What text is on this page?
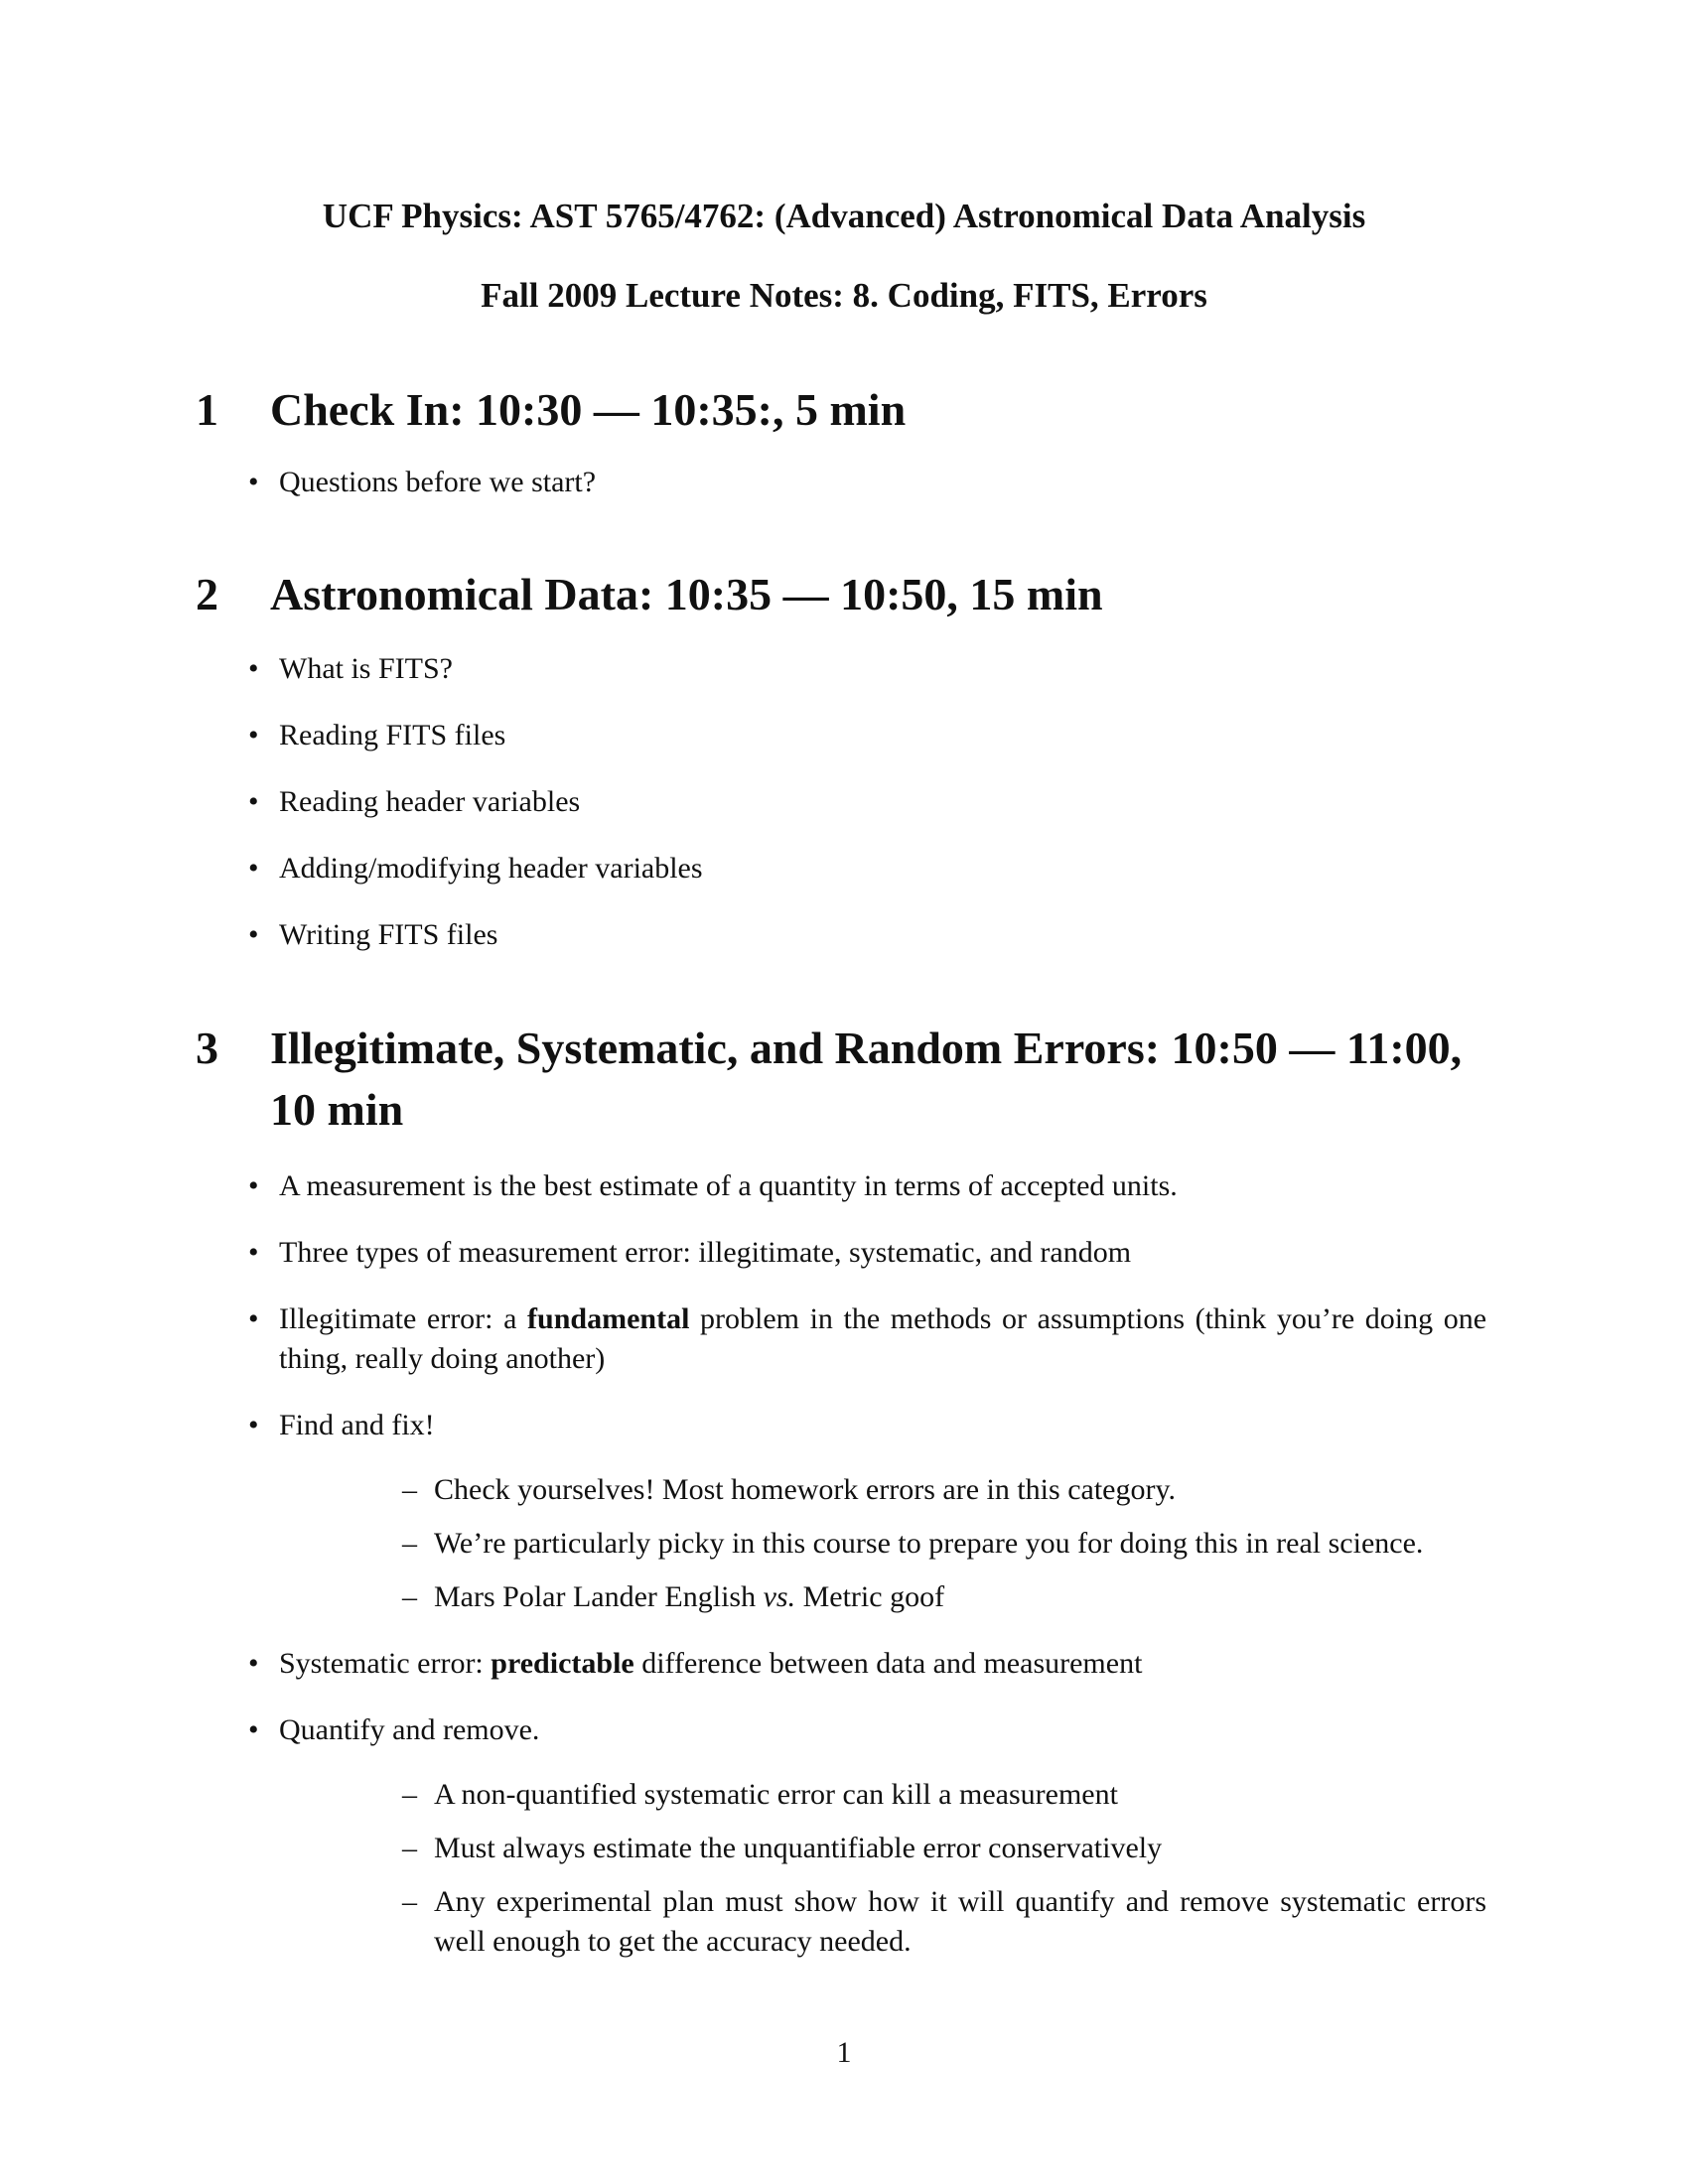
UCF Physics: AST 5765/4762: (Advanced) Astronomical Data Analysis
Fall 2009 Lecture Notes: 8. Coding, FITS, Errors
1 Check In: 10:30 — 10:35:, 5 min
• Questions before we start?
2 Astronomical Data: 10:35 — 10:50, 15 min
• What is FITS?
• Reading FITS files
• Reading header variables
• Adding/modifying header variables
• Writing FITS files
3 Illegitimate, Systematic, and Random Errors: 10:50 — 11:00, 10 min
• A measurement is the best estimate of a quantity in terms of accepted units.
• Three types of measurement error: illegitimate, systematic, and random
• Illegitimate error: a fundamental problem in the methods or assumptions (think you’re doing one thing, really doing another)
• Find and fix!
– Check yourselves! Most homework errors are in this category.
– We’re particularly picky in this course to prepare you for doing this in real science.
– Mars Polar Lander English vs. Metric goof
• Systematic error: predictable difference between data and measurement
• Quantify and remove.
– A non-quantified systematic error can kill a measurement
– Must always estimate the unquantifiable error conservatively
– Any experimental plan must show how it will quantify and remove systematic errors well enough to get the accuracy needed.
1
